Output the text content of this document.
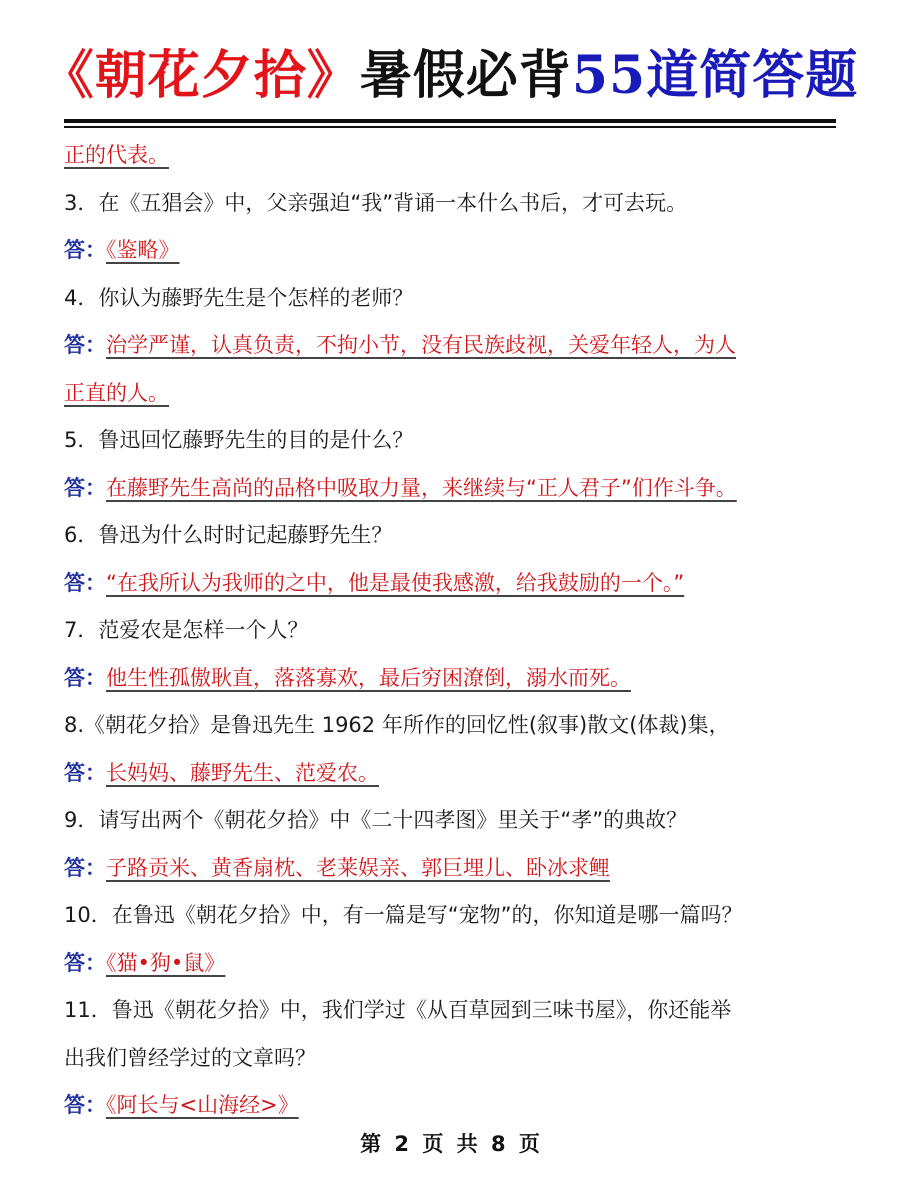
《朝花夕拾》暑假必背55道简答题
正的代表。
3．在《五猖会》中，父亲强迫“我”背诵一本什么书后，才可去玩。
答：《鉴略》
4．你认为藤野先生是个怎样的老师？
答：治学严谨，认真负责，不拘小节，没有民族歧视，关爱年轻人，为人
正直的人。
5．鲁迅回忆藤野先生的目的是什么？
答：在藤野先生高尚的品格中吸取力量，来继续与“正人君子”们作斗争。
6．鲁迅为什么时时记起藤野先生？
答：“在我所认为我师的之中，他是最使我感激，给我鼓励的一个。”
7．范爱农是怎样一个人？
答：他生性孤傲耿直，落落寡欢，最后穷困潦倒，溺水而死。
8.《朝花夕拾》是鲁迅先生 1962 年所作的回忆性(叙事)散文(体裁)集，
答：长妈妈、藤野先生、范爱农。
9．请写出两个《朝花夕拾》中《二十四孝图》里关于“孝”的典故？
答：子路贡米、黄香扇枕、老莱娱亲、郭巨埋儿、卧冰求鲤
10．在鲁迅《朝花夕拾》中，有一篇是写“宠物”的，你知道是哪一篇吗？
答：《猫•狗•鼠》
11．鲁迅《朝花夕拾》中，我们学过《从百草园到三味书屋》，你还能举
出我们曾经学过的文章吗？
答：《阿长与<山海经>》
第 2 页 共 8 页
